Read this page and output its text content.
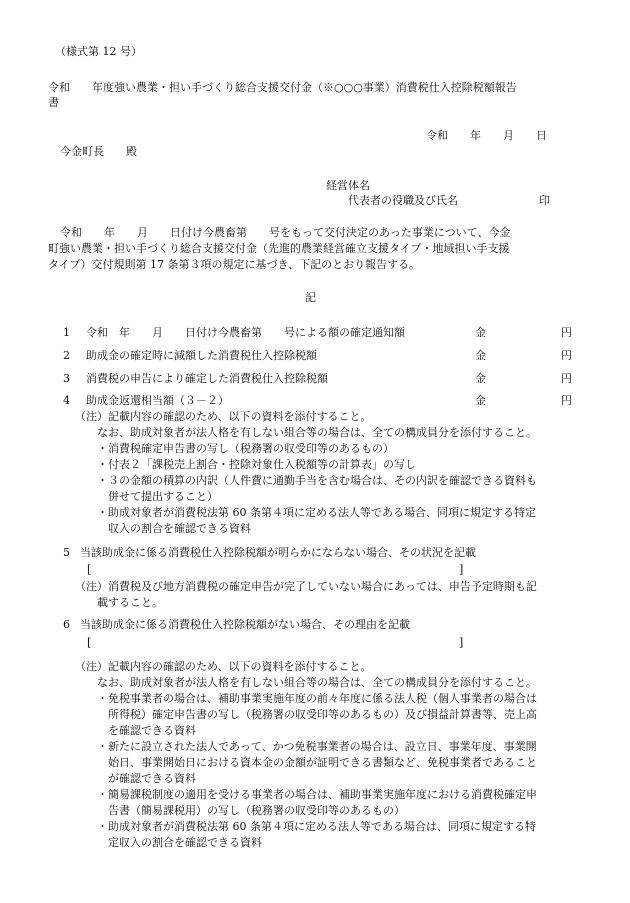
（様式第 12 号）
令和　　年度強い農業・担い手づくり総合支援交付金（※○○○事業）消費税仕入控除税額報告
書
令和　　年　　月　　日
今金町長　　殿
経営体名
代表者の役職及び氏名	印
令和　　年　　月　　日付け今農畜第　　号をもって交付決定のあった事業について、今金
町強い農業・担い手づくり総合支援交付金（先進的農業経営確立支援タイプ・地域担い手支援
タイプ）交付規則第 17 条第３項の規定に基づき、下記のとおり報告する。
記
1 令和　年　　月　　日付け今農畜第　　号による額の確定通知額	金	円
2 助成金の確定時に減額した消費税仕入控除税額	金	円
3 消費税の申告により確定した消費税仕入控除税額	金	円
4 助成金返還相当額（３－２）	金	円
（注）記載内容の確認のため、以下の資料を添付すること。
　　なお、助成対象者が法人格を有しない組合等の場合は、全ての構成員分を添付すること。
　　・消費税確定申告書の写し（税務署の収受印等のあるもの）
　　・付表２「課税売上割合・控除対象仕入税額等の計算表」の写し
　　・３の金額の積算の内訳（人件費に通勤手当を含む場合は、その内訳を確認できる資料も
　　　併せて提出すること）
　　・助成対象者が消費税法第 60 条第４項に定める法人等である場合、同項に規定する特定
　　　収入の割合を確認できる資料
5 当該助成金に係る消費税仕入控除税額が明らかにならない場合、その状況を記載
[	]
（注）消費税及び地方消費税の確定申告が完了していない場合にあっては、申告予定時期も記
　　載すること。
6 当該助成金に係る消費税仕入控除税額がない場合、その理由を記載
[	]
（注）記載内容の確認のため、以下の資料を添付すること。
　　なお、助成対象者が法人格を有しない組合等の場合は、全ての構成員分を添付すること。
　　・免税事業者の場合は、補助事業実施年度の前々年度に係る法人税（個人事業者の場合は
　　　所得税）確定申告書の写し（税務署の収受印等のあるもの）及び損益計算書等、売上高
　　　を確認できる資料
　　・新たに設立された法人であって、かつ免税事業者の場合は、設立日、事業年度、事業開
　　　始日、事業開始日における資本金の金額が証明できる書類など、免税事業者であること
　　　が確認できる資料
　　・簡易課税制度の適用を受ける事業者の場合は、補助事業実施年度における消費税確定申
　　　告書（簡易課税用）の写し（税務署の収受印等のあるもの）
　　・助成対象者が消費税法第 60 条第４項に定める法人等である場合は、同項に規定する特
　　　定収入の割合を確認できる資料
